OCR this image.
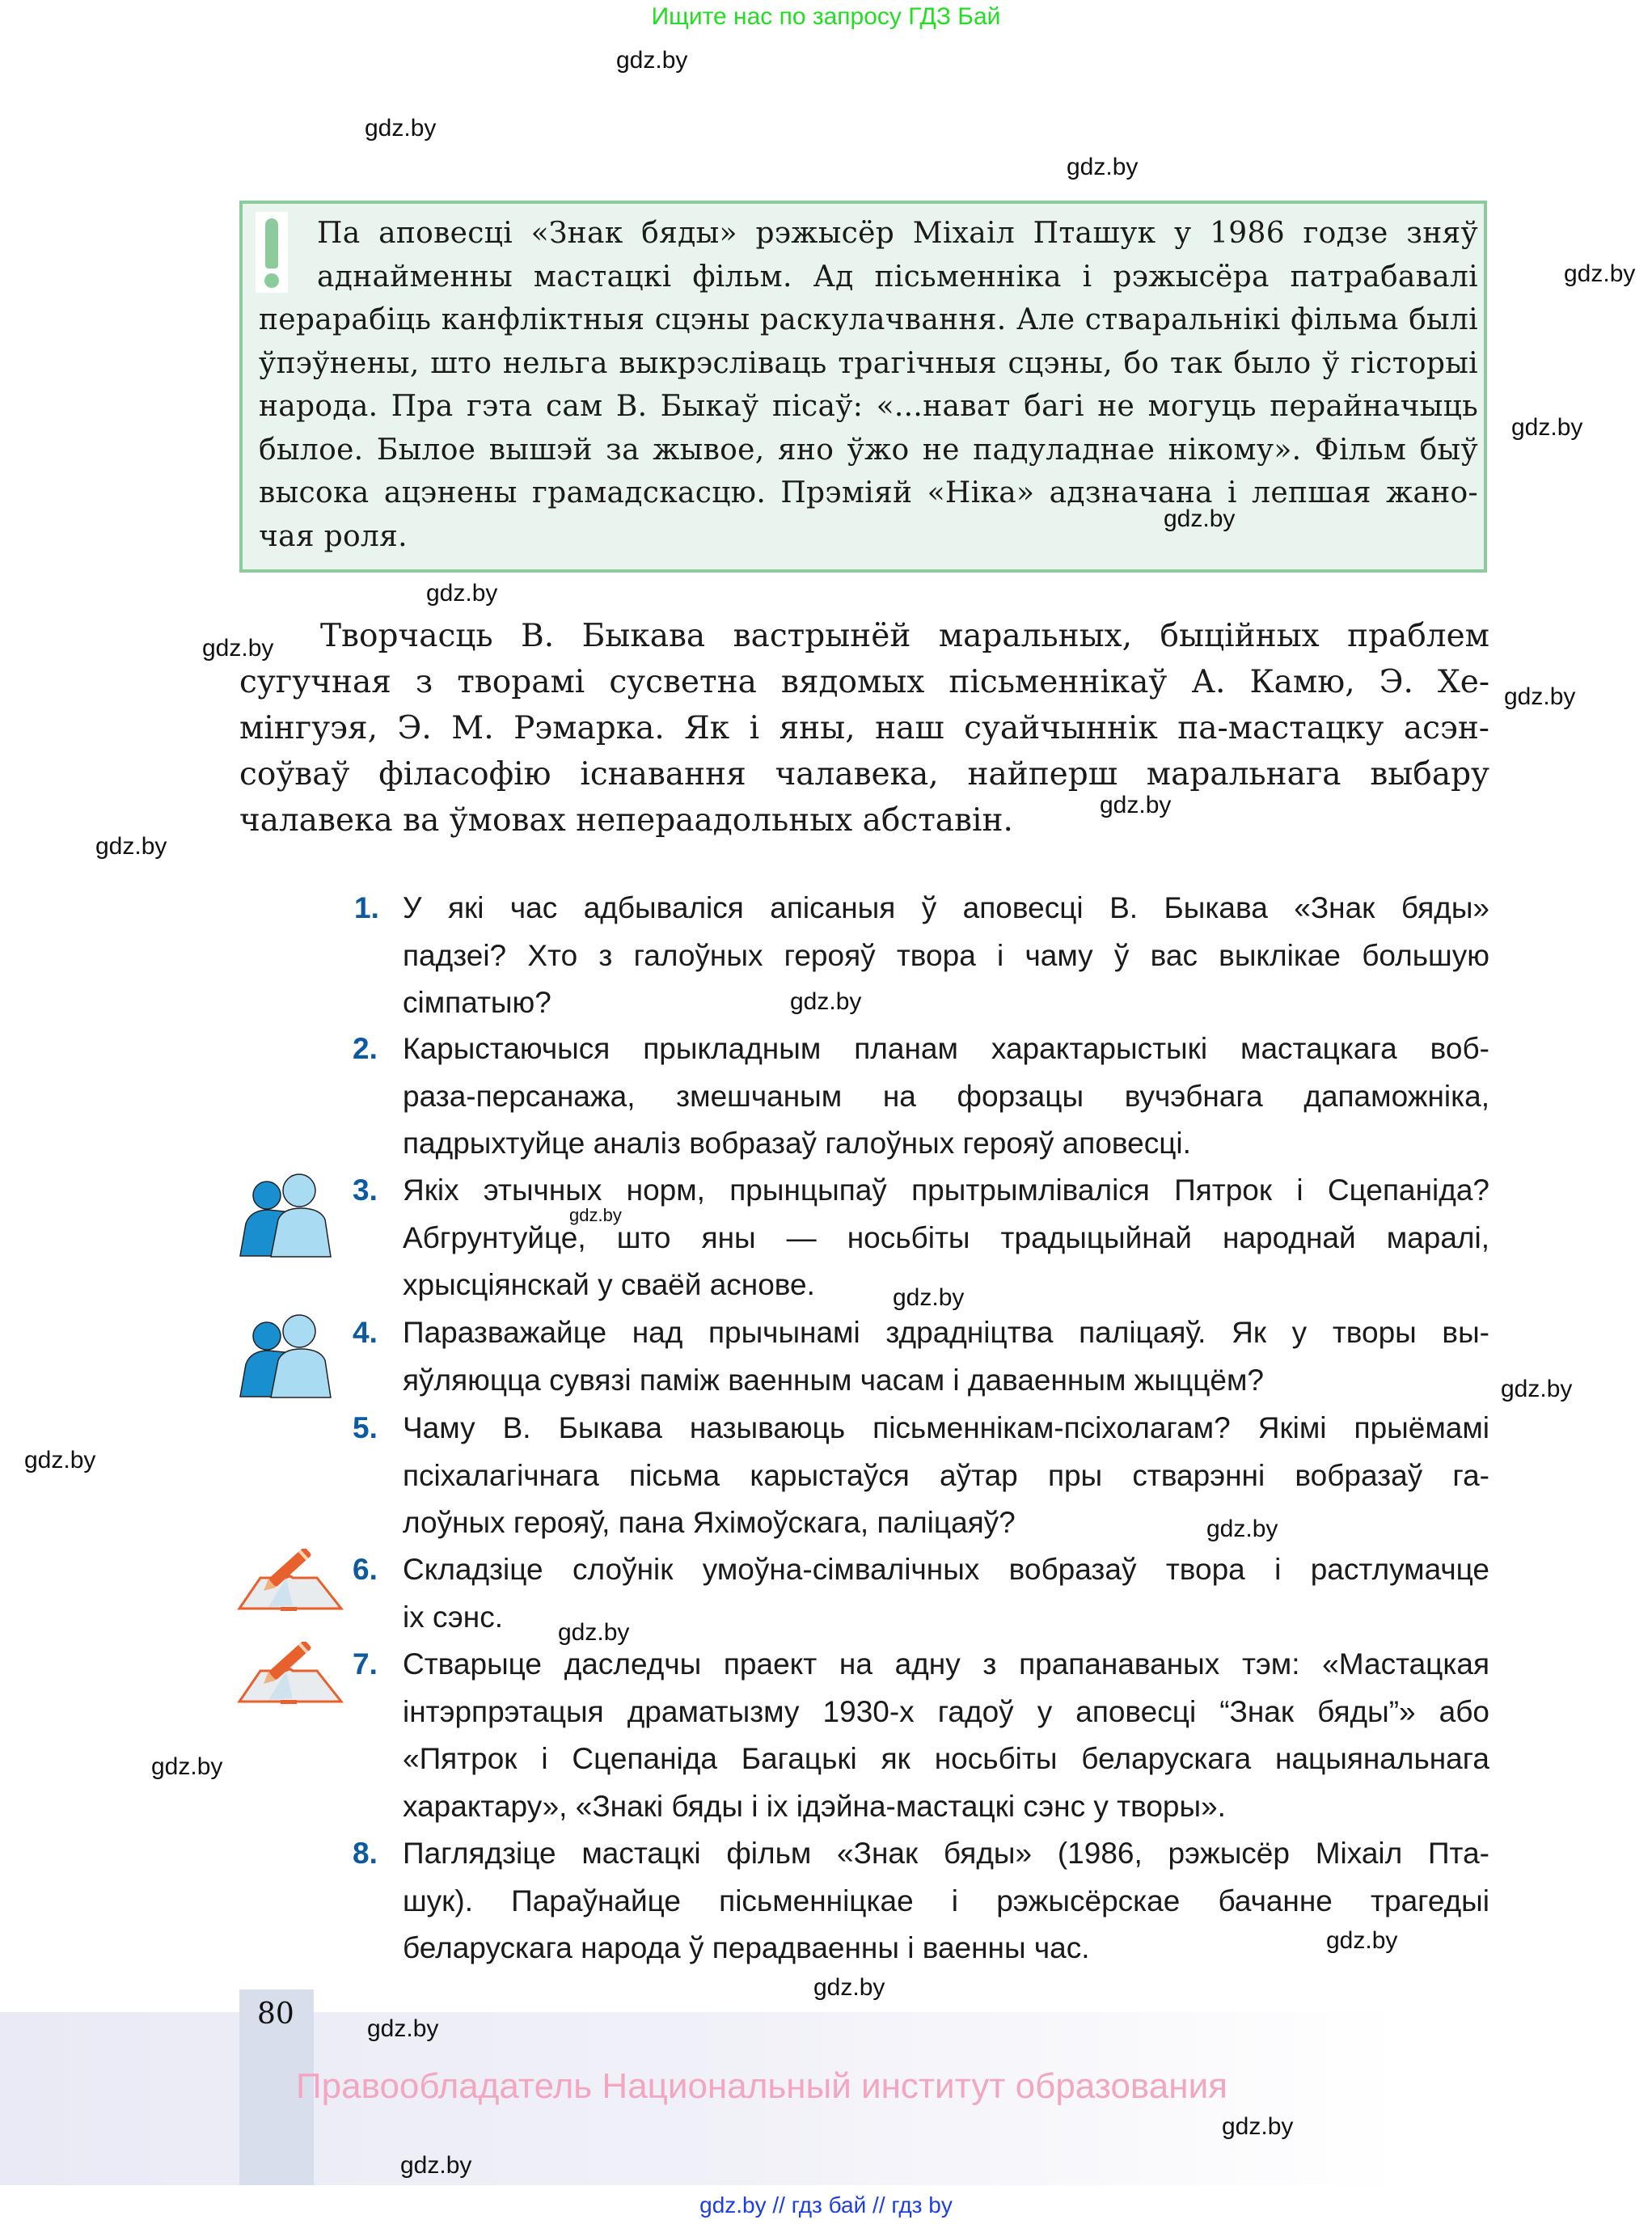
Ищите нас по запросу ГДЗ Бай
Па аповесці «Знак бяды» рэжысёр Міхаіл Пташук у 1986 годзе зняў
аднайменны мастацкі фільм. Ад пісьменніка і рэжысёра патрабавалі
перарабіць канфліктныя сцэны раскулачвання. Але стваральнікі фільма былі
ўпэўнены, што нельга выкрэсліваць трагічныя сцэны, бо так было ў гісторыі
народа. Пра гэта сам В. Быкаў пісаў: «...нават багі не могуць перайначыць
былое. Былое вышэй за жывое, яно ўжо не падуладнае нікому». Фільм быў
высока ацэнены грамадскасцю. Прэміяй «Ніка» адзначана і лепшая жано-
чая роля.
Творчасць В. Быкава вастрынёй маральных, быційных праблем
сугучная з творамі сусветна вядомых пісьменнікаў А. Камю, Э. Хе-
мінгуэя, Э. М. Рэмарка. Як і яны, наш суайчыннік па-мастацку асэн-
соўваў філасофію існавання чалавека, найперш маральнага выбару
чалавека ва ўмовах неперaадольных абставін.
1. У які час адбываліся апісаныя ў аповесці В. Быкава «Знак бяды»
падзеі? Хто з галоўных герояў твора і чаму ў вас выклікае большую
сімпатыю?
2. Карыстаючыся прыкладным планам характарыстыкі мастацкага воб-
раза-персанажа, змешчаным на форзацы вучэбнага дапаможніка,
падрыхтуйце аналіз вобразаў галоўных герояў аповесці.
3. Якіх этычных норм, прынцыпаў прытрымліваліся Пятрок і Сцепаніда?
Абгрунтуйце, што яны — носьбіты традыцыйнай народнай маралі,
хрысціянскай у сваёй аснове.
4. Паразважайце над прычынамі здрадніцтва паліцаяў. Як у творы вы-
яўляюцца сувязі паміж ваенным часам і даваенным жыццём?
5. Чаму В. Быкава называюць пісьменнікам-псіхолагам? Якімі прыёмамі
псіхалагічнага пісьма карыстаўся аўтар пры стварэнні вобразаў га-
лоўных герояў, пана Яхімоўскага, паліцаяў?
6. Складзіце слоўнік умоўна-сімвалічных вобразаў твора і растлумачце
іх сэнс.
7. Стварыце даследчы праект на адну з прапанаваных тэм: «Мастацкая
інтэрпрэтацыя драматызму 1930-х гадоў у аповесці “Знак бяды”» або
«Пятрок і Сцепаніда Багацькі як носьбіты беларускага нацыянальнага
характару», «Знакі бяды і іх ідэйна-мастацкі сэнс у творы».
8. Паглядзіце мастацкі фільм «Знак бяды» (1986, рэжысёр Міхаіл Пта-
шук). Параўнайце пісьменніцкае і рэжысёрскае бачанне трагедыі
беларускага народа ў перадваенны і ваенны час.
80
Правообладатель Национальный институт образования
gdz.by // гдз бай // гдз by
gdz.by
gdz.by
gdz.by
gdz.by
gdz.by
gdz.by
gdz.by
gdz.by
gdz.by
gdz.by
gdz.by
gdz.by
gdz.by
gdz.by
gdz.by
gdz.by
gdz.by
gdz.by
gdz.by
gdz.by
gdz.by
gdz.by
gdz.by
gdz.by
